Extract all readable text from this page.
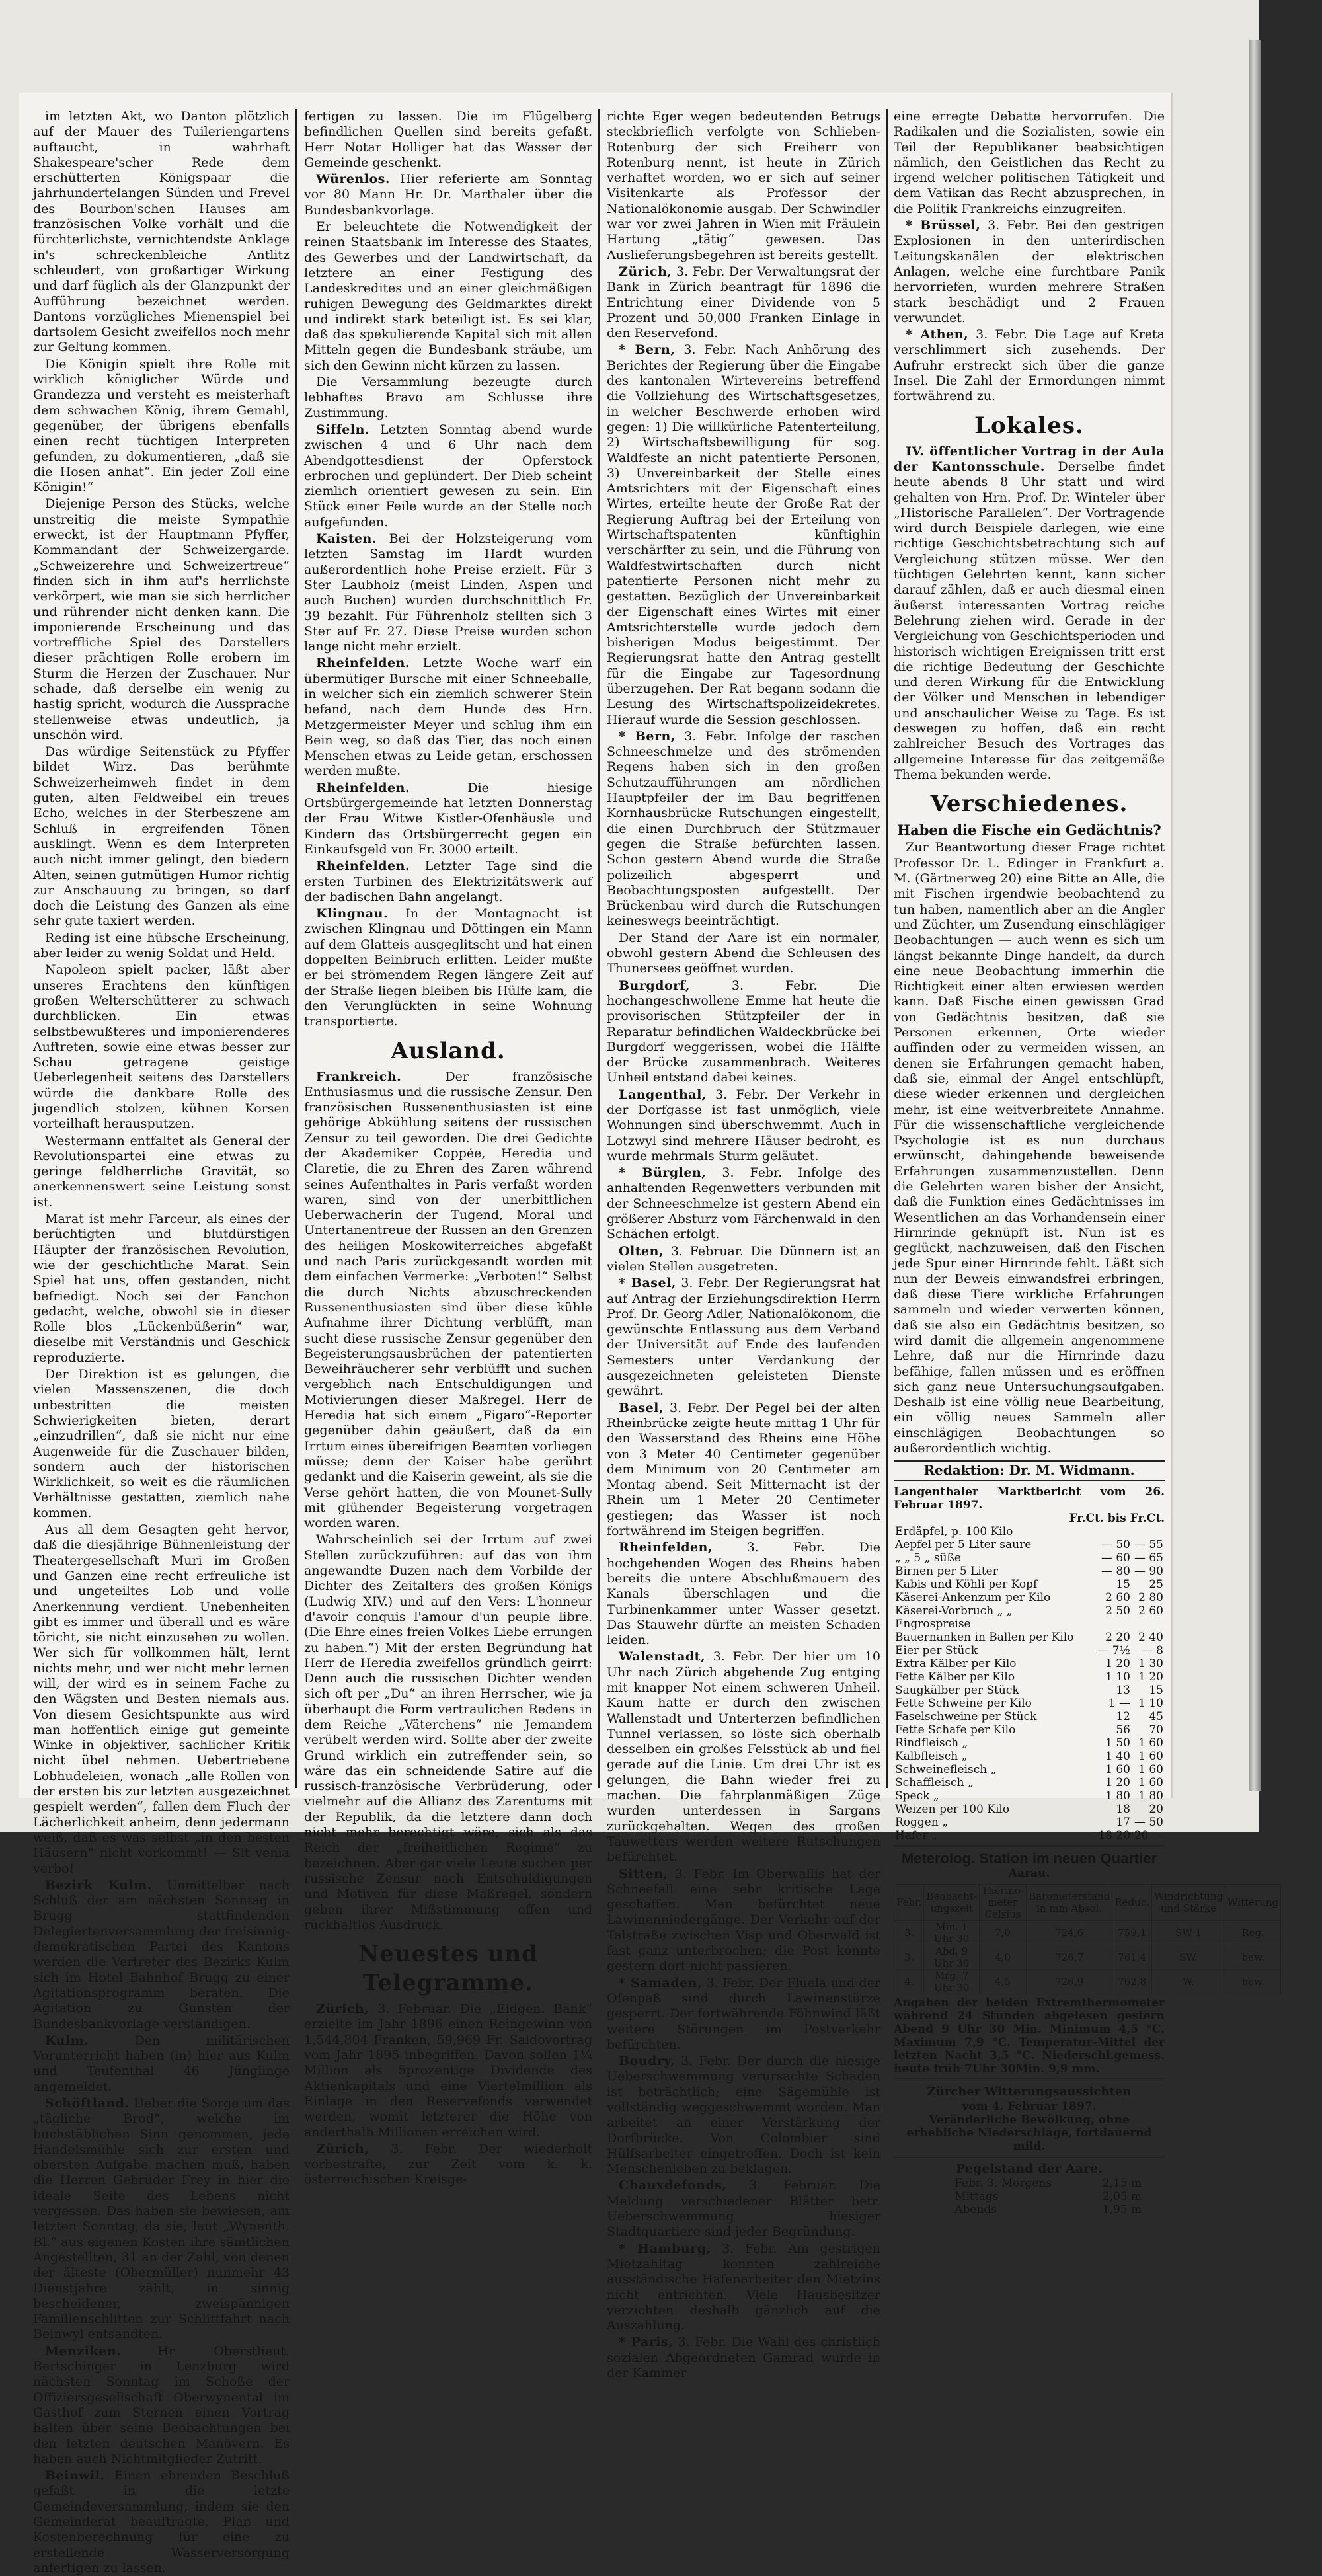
im letzten Akt, wo Danton plötzlich auf der Mauer des Tuileriengartens auftaucht, in wahrhaft Shakespeare'scher Rede dem erschütterten Königspaar die jahrhundertelangen Sünden und Frevel des Bourbon'schen Hauses am französischen Volke vorhält und die fürchterlichste, vernichtendste Anklage in's schreckenbleiche Antlitz schleudert, von großartiger Wirkung und darf füglich als der Glanzpunkt der Aufführung bezeichnet werden. Dantons vorzügliches Mienenspiel bei dartsolem Gesicht zweifellos noch mehr zur Geltung kommen.

Die Königin spielt ihre Rolle mit wirklich königlicher Würde und Grandezza und versteht es meisterhaft dem schwachen König, ihrem Gemahl, gegenüber, der übrigens ebenfalls einen recht tüchtigen Interpreten gefunden, zu dokumentieren, „daß sie die Hosen anhat“. Ein jeder Zoll eine Königin!“

Diejenige Person des Stücks, welche unstreitig die meiste Sympathie erweckt, ist der Hauptmann Pfyffer, Kommandant der Schweizergarde. „Schweizerehre und Schweizertreue“ finden sich in ihm auf's herrlichste verkörpert, wie man sie sich herrlicher und rührender nicht denken kann. Die imponierende Erscheinung und das vortreffliche Spiel des Darstellers dieser prächtigen Rolle erobern im Sturm die Herzen der Zuschauer. Nur schade, daß derselbe ein wenig zu hastig spricht, wodurch die Aussprache stellenweise etwas undeutlich, ja unschön wird.

Das würdige Seitenstück zu Pfyffer bildet Wirz. Das berühmte Schweizerheimweh findet in dem guten, alten Feldweibel ein treues Echo, welches in der Sterbeszene am Schluß in ergreifenden Tönen ausklingt. Wenn es dem Interpreten auch nicht immer gelingt, den biedern Alten, seinen gutmütigen Humor richtig zur Anschauung zu bringen, so darf doch die Leistung des Ganzen als eine sehr gute taxiert werden.

Reding ist eine hübsche Erscheinung, aber leider zu wenig Soldat und Held.

Napoleon spielt packer, läßt aber unseres Erachtens den künftigen großen Welterschütterer zu schwach durchblicken. Ein etwas selbstbewußteres und imponierenderes Auftreten, sowie eine etwas besser zur Schau getragene geistige Ueberlegenheit seitens des Darstellers würde die dankbare Rolle des jugendlich stolzen, kühnen Korsen vorteilhaft herausputzen.

Westermann entfaltet als General der Revolutionspartei eine etwas zu geringe feldherrliche Gravität, so anerkennenswert seine Leistung sonst ist.

Marat ist mehr Farceur, als eines der berüchtigten und blutdürstigen Häupter der französischen Revolution, wie der geschichtliche Marat. Sein Spiel hat uns, offen gestanden, nicht befriedigt. Noch sei der Fanchon gedacht, welche, obwohl sie in dieser Rolle blos „Lückenbüßerin“ war, dieselbe mit Verständnis und Geschick reproduzierte.

Der Direktion ist es gelungen, die vielen Massenszenen, die doch unbestritten die meisten Schwierigkeiten bieten, derart „einzudrillen“, daß sie nicht nur eine Augenweide für die Zuschauer bilden, sondern auch der historischen Wirklichkeit, so weit es die räumlichen Verhältnisse gestatten, ziemlich nahe kommen.

Aus all dem Gesagten geht hervor, daß die diesjährige Bühnenleistung der Theatergesellschaft Muri im Großen und Ganzen eine recht erfreuliche ist und ungeteiltes Lob und volle Anerkennung verdient. Unebenheiten gibt es immer und überall und es wäre töricht, sie nicht einzusehen zu wollen. Wer sich für vollkommen hält, lernt nichts mehr, und wer nicht mehr lernen will, der wird es in seinem Fache zu den Wägsten und Besten niemals aus. Von diesem Gesichtspunkte aus wird man hoffentlich einige gut gemeinte Winke in objektiver, sachlicher Kritik nicht übel nehmen. Uebertriebene Lobhudeleien, wonach „alle Rollen von der ersten bis zur letzten ausgezeichnet gespielt werden“, fallen dem Fluch der Lächerlichkeit anheim, denn jedermann weiß, daß es was selbst „in den besten Häusern“ nicht vorkommt! — Sit venia verbo!

Bezirk Kulm. Unmittelbar nach Schluß der am nächsten Sonntag in Brugg stattfindenden Delegiertenversammlung der freisinnig-demokratischen Partei des Kantons werden die Vertreter des Bezirks Kulm sich im Hotel Bahnhof Brugg zu einer Agitationsprogramm beraten. Die Agitation zu Gunsten der Bundesbankvorlage verständigen.

Kulm.	Den militärischen Vorunterricht haben (in) hier aus Kulm und Teufenthal 46 Jünglinge angemeldet.

Schöftland. Ueber die Sorge um das „tägliche Brod“, welche im buchstäblichen Sinn genommen, jede Handelsmühle sich zur ersten und obersten Aufgabe machen muß, haben die Herren Gebrüder Frey in hier die ideale Seite des Lebens nicht vergessen. Das haben sie bewiesen, am letzten Sonntag, da sie, laut „Wynenth. Bl.“ aus eigenen Kosten ihre sämtlichen Angestellten, 31 an der Zahl, von denen der älteste (Obermüller) nunmehr 43 Dienstjahre zählt, in sinnig bescheidener, zweispännigen Familienschlitten zur Schlittfahrt nach Beinwyl entsandten.

Menziken.	Hr. Oberstlieut. Bertschinger in Lenzburg wird nächsten Sonntag im Schoße der Offiziersgesellschaft Oberwynental im Gasthof zum Sternen einen Vortrag halten über seine Beobachtungen bei den letzten deutschen Manövern. Es haben auch Nichtmitglieder Zutritt.

Beinwil. Einen ehrenden Beschluß gefaßt in die letzte Gemeindeversammlung, indem sie den Gemeinderat beauftragte, Plan und Kostenberechnung für eine zu erstellende Wasserversorgung anfertigen zu lassen.

fertigen zu lassen. Die im Flügelberg befindlichen Quellen sind bereits gefaßt. Herr Notar Holliger hat das Wasser der Gemeinde geschenkt.

Würenlos. Hier referierte am Sonntag vor 80 Mann Hr. Dr. Marthaler über die Bundesbankvorlage.

Er beleuchtete die Notwendigkeit der reinen Staatsbank im Interesse des Staates, des Gewerbes und der Landwirtschaft, da letztere an einer Festigung des Landeskredites und an einer gleichmäßigen ruhigen Bewegung des Geldmarktes direkt und indirekt stark beteiligt ist. Es sei klar, daß das spekulierende Kapital sich mit allen Mitteln gegen die Bundesbank sträube, um sich den Gewinn nicht kürzen zu lassen.

Die Versammlung bezeugte durch lebhaftes Bravo am Schlusse ihre Zustimmung.

Siffeln. Letzten Sonntag abend wurde zwischen 4 und 6 Uhr nach dem Abendgottesdienst der Opferstock erbrochen und geplündert. Der Dieb scheint ziemlich orientiert gewesen zu sein. Ein Stück einer Feile wurde an der Stelle noch aufgefunden.

Kaisten. Bei der Holzsteigerung vom letzten Samstag im Hardt wurden außerordentlich hohe Preise erzielt. Für 3 Ster Laubholz (meist Linden, Aspen und auch Buchen) wurden durchschnittlich Fr. 39 bezahlt. Für Führenholz stellten sich 3 Ster auf Fr. 27. Diese Preise wurden schon lange nicht mehr erzielt.

Rheinfelden. Letzte Woche warf ein übermütiger Bursche mit einer Schneeballe, in welcher sich ein ziemlich schwerer Stein befand, nach dem Hunde des Hrn. Metzgermeister Meyer und schlug ihm ein Bein weg, so daß das Tier, das noch einen Menschen etwas zu Leide getan, erschossen werden mußte.

Rheinfelden.	Die hiesige Ortsbürgergemeinde hat letzten Donnerstag der Frau Witwe Kistler-Ofenhäusle und Kindern das Ortsbürgerrecht gegen ein Einkaufsgeld von Fr. 3000 erteilt.

Rheinfelden. Letzter Tage sind die ersten Turbinen des Elektrizitätswerk auf der badischen Bahn angelangt.

Klingnau. In der Montagnacht ist zwischen Klingnau und Döttingen ein Mann auf dem Glatteis ausgeglitscht und hat einen doppelten Beinbruch erlitten. Leider mußte er bei strömendem Regen längere Zeit auf der Straße liegen bleiben bis Hülfe kam, die den Verunglückten in seine Wohnung transportierte.

Ausland.

Frankreich.	Der französische Enthusiasmus und die russische Zensur. Den französischen Russenenthusiasten ist eine gehörige Abkühlung seitens der russischen Zensur zu teil geworden. Die drei Gedichte der Akademiker Coppée, Heredia und Claretie, die zu Ehren des Zaren während seines Aufenthaltes in Paris verfaßt worden waren, sind von der unerbittlichen Ueberwacherin der Tugend, Moral und Untertanentreue der Russen an den Grenzen des heiligen Moskowiterreiches abgefaßt und nach Paris zurückgesandt worden mit dem einfachen Vermerke: „Verboten!“ Selbst die durch Nichts abzuschreckenden Russenenthusiasten sind über diese kühle Aufnahme ihrer Dichtung verblüfft, man sucht diese russische Zensur gegenüber den Begeisterungsausbrüchen der patentierten Beweihräucherer sehr verblüfft und suchen vergeblich nach Entschuldigungen und Motivierungen dieser Maßregel. Herr de Heredia hat sich einem „Figaro“-Reporter gegenüber dahin geäußert, daß da ein Irrtum eines übereifrigen Beamten vorliegen müsse; denn der Kaiser habe gerührt gedankt und die Kaiserin geweint, als sie die Verse gehört hatten, die von Mounet-Sully mit glühender Begeisterung vorgetragen worden waren.

Wahrscheinlich sei der Irrtum auf zwei Stellen zurückzuführen: auf das von ihm angewandte Duzen nach dem Vorbilde der Dichter des Zeitalters des großen Königs (Ludwig XIV.) und auf den Vers: L'honneur d'avoir conquis l'amour d'un peuple libre. (Die Ehre eines freien Volkes Liebe errungen zu haben.“) Mit der ersten Begründung hat Herr de Heredia zweifellos gründlich geirrt: Denn auch die russischen Dichter wenden sich oft per „Du“ an ihren Herrscher, wie ja überhaupt die Form vertraulichen Redens in dem Reiche „Väterchens“ nie Jemandem verübelt werden wird. Sollte aber der zweite Grund wirklich ein zutreffender sein, so wäre das ein schneidende Satire auf die russisch-französische Verbrüderung, oder vielmehr auf die Allianz des Zarentums mit der Republik, da die letztere dann doch nicht mehr berechtigt wäre, sich als das Reich der „freiheitlichen Regime“ zu bezeichnen. Aber gar viele Leute suchen per russische Zensur nach Entschuldigungen und Motiven für diese Maßregel, sondern geben ihrer Mißstimmung offen und rückhaltlos Ausdruck.

Neuestes und Telegramme.

Zürich, 3. Februar. Die „Eidgen. Bank“ erzielte im Jahr 1896 einen Reingewinn von 1,544,804 Franken, 59,969 Fr. Saldovortrag vom Jahr 1895 inbegriffen. Davon sollen 1¼ Million als 5prozentige Dividende des Aktienkapitals und eine Viertelmillion als Einlage in den Reservefonds verwendet werden, womit letzterer die Höhe von anderthalb Millionen erreichen wird.

Zürich, 3. Febr. Der wiederholt vorbestrafte, zur Zeit vom k. k. österreichischen Kreisge-

richte Eger wegen bedeutenden Betrugs steckbrieflich verfolgte von Schlieben-Rotenburg der sich Freiherr von Rotenburg nennt, ist heute in Zürich verhaftet worden, wo er sich auf seiner Visitenkarte als Professor der Nationalökonomie ausgab. Der Schwindler war vor zwei Jahren in Wien mit Fräulein Hartung „tätig“ gewesen. Das Auslieferungsbegehren ist bereits gestellt.

Zürich, 3. Febr. Der Verwaltungsrat der Bank in Zürich beantragt für 1896 die Entrichtung einer Dividende von 5 Prozent und 50,000 Franken Einlage in den Reservefond.

* Bern, 3. Febr. Nach Anhörung des Berichtes der Regierung über die Eingabe des kantonalen Wirtevereins betreffend die Vollziehung des Wirtschaftsgesetzes, in welcher Beschwerde erhoben wird gegen: 1) Die willkürliche Patenterteilung, 2) Wirtschaftsbewilligung für sog. Waldfeste an nicht patentierte Personen, 3) Unvereinbarkeit der Stelle eines Amtsrichters mit der Eigenschaft eines Wirtes, erteilte heute der Große Rat der Regierung Auftrag bei der Erteilung von Wirtschaftspatenten künftighin verschärfter zu sein, und die Führung von Waldfestwirtschaften durch nicht patentierte Personen nicht mehr zu gestatten. Bezüglich der Unvereinbarkeit der Eigenschaft eines Wirtes mit einer Amtsrichterstelle wurde jedoch dem bisherigen Modus beigestimmt. Der Regierungsrat hatte den Antrag gestellt für die Eingabe zur Tagesordnung überzugehen. Der Rat begann sodann die Lesung des Wirtschaftspolizeidekretes. Hierauf wurde die Session geschlossen.

* Bern, 3. Febr. Infolge der raschen Schneeschmelze und des strömenden Regens haben sich in den großen Schutzaufführungen am nördlichen Hauptpfeiler der im Bau begriffenen Kornhausbrücke Rutschungen eingestellt, die einen Durchbruch der Stützmauer gegen die Straße befürchten lassen. Schon gestern Abend wurde die Straße polizeilich abgesperrt und Beobachtungsposten aufgestellt. Der Brückenbau wird durch die Rutschungen keineswegs beeinträchtigt.

Der Stand der Aare ist ein normaler, obwohl gestern Abend die Schleusen des Thunersees geöffnet wurden.

Burgdorf,	3. Febr. Die hochangeschwollene Emme hat heute die provisorischen Stützpfeiler der in Reparatur befindlichen Waldeckbrücke bei Burgdorf weggerissen, wobei die Hälfte der Brücke zusammenbrach. Weiteres Unheil entstand dabei keines.

Langenthal, 3. Febr. Der Verkehr in der Dorfgasse ist fast unmöglich, viele Wohnungen sind überschwemmt. Auch in Lotzwyl sind mehrere Häuser bedroht, es wurde mehrmals Sturm geläutet.

* Bürglen, 3. Febr. Infolge des anhaltenden Regenwetters verbunden mit der Schneeschmelze ist gestern Abend ein größerer Absturz vom Färchenwald in den Schächen erfolgt.

Olten, 3. Februar. Die Dünnern ist an vielen Stellen ausgetreten.

* Basel, 3. Febr. Der Regierungsrat hat auf Antrag der Erziehungsdirektion Herrn Prof. Dr. Georg Adler, Nationalökonom, die gewünschte Entlassung aus dem Verband der Universität auf Ende des laufenden Semesters unter Verdankung der ausgezeichneten geleisteten Dienste gewährt.

Basel, 3. Febr. Der Pegel bei der alten Rheinbrücke zeigte heute mittag 1 Uhr für den Wasserstand des Rheins eine Höhe von 3 Meter 40 Centimeter gegenüber dem Minimum von 20 Centimeter am Montag abend. Seit Mitternacht ist der Rhein um 1 Meter 20 Centimeter gestiegen; das Wasser ist noch fortwährend im Steigen begriffen.

Rheinfelden,	3. Febr. Die hochgehenden Wogen des Rheins haben bereits die untere Abschlußmauern des Kanals überschlagen und die Turbinenkammer unter Wasser gesetzt. Das Stauwehr dürfte an meisten Schaden leiden.

Walenstadt, 3. Febr. Der hier um 10 Uhr nach Zürich abgehende Zug entging mit knapper Not einem schweren Unheil. Kaum hatte er durch den zwischen Wallenstadt und Unterterzen befindlichen Tunnel verlassen, so löste sich oberhalb desselben ein großes Felsstück ab und fiel gerade auf die Linie. Um drei Uhr ist es gelungen, die Bahn wieder frei zu machen. Die fahrplanmäßigen Züge wurden unterdessen in Sargans zurückgehalten. Wegen des großen Tauwetters werden weitere Rutschungen befürchtet.

Sitten, 3. Febr. Im Oberwallis hat der Schneefall eine sehr kritische Lage geschaffen. Man befürchtet neue Lawinenniedergänge. Der Verkehr auf der Talstraße zwischen Visp und Oberwald ist fast ganz unterbrochen; die Post konnte gestern dort nicht passieren.

* Samaden, 3. Febr. Der Flüela und der Ofenpaß sind durch Lawinenstürze gesperrt. Der fortwährende Föhnwind läßt weitere Störungen im Postverkehr befürchten.

Boudry, 3. Febr. Der durch die hiesige Ueberschwemmung verursachte Schaden ist beträchtlich; eine Sägemühle ist vollständig weggeschwemmt worden. Man arbeitet an einer Verstärkung der Dorfbrücke. Von Colombier sind Hülfsarbeiter eingetroffen. Doch ist kein Menschenleben zu beklagen.

Chauxdefonds, 3. Februar. Die Meldung verschiedener Blätter betr. Ueberschwemmung hiesiger Stadtquartiere sind jeder Begründung.

* Hamburg, 3. Febr. Am gestrigen Mietzahltag konnten zahlreiche ausständische Hafenarbeiter den Mietzins nicht entrichten. Viele Hausbesitzer verzichten deshalb gänzlich auf die Auszahlung.

* Paris, 3. Febr. Die Wahl des christlich sozialen Abgeordneten Gamrad wurde in der Kammer

eine erregte Debatte hervorrufen. Die Radikalen und die Sozialisten, sowie ein Teil der Republikaner beabsichtigen nämlich, den Geistlichen das Recht zu irgend welcher politischen Tätigkeit und dem Vatikan das Recht abzusprechen, in die Politik Frankreichs einzugreifen.

* Brüssel, 3. Febr. Bei den gestrigen Explosionen in den unterirdischen Leitungskanälen der elektrischen Anlagen, welche eine furchtbare Panik hervorriefen, wurden mehrere Straßen stark beschädigt und 2 Frauen verwundet.

* Athen, 3. Febr. Die Lage auf Kreta verschlimmert sich zusehends. Der Aufruhr erstreckt sich über die ganze Insel. Die Zahl der Ermordungen nimmt fortwährend zu.

Lokales.

IV. öffentlicher Vortrag in der Aula der Kantonsschule. Derselbe findet heute abends 8 Uhr statt und wird gehalten von Hrn. Prof. Dr. Winteler über „Historische Parallelen“. Der Vortragende wird durch Beispiele darlegen, wie eine richtige Geschichtsbetrachtung sich auf Vergleichung stützen müsse. Wer den tüchtigen Gelehrten kennt, kann sicher darauf zählen, daß er auch diesmal einen äußerst interessanten Vortrag reiche Belehrung ziehen wird. Gerade in der Vergleichung von Geschichtsperioden und historisch wichtigen Ereignissen tritt erst die richtige Bedeutung der Geschichte und deren Wirkung für die Entwicklung der Völker und Menschen in lebendiger und anschaulicher Weise zu Tage. Es ist deswegen zu hoffen, daß ein recht zahlreicher Besuch des Vortrages das allgemeine Interesse für das zeitgemäße Thema bekunden werde.

Verschiedenes.
Haben die Fische ein Gedächtnis?

Zur Beantwortung dieser Frage richtet Professor Dr. L. Edinger in Frankfurt a. M. (Gärtnerweg 20) eine Bitte an Alle, die mit Fischen irgendwie beobachtend zu tun haben, namentlich aber an die Angler und Züchter, um Zusendung einschlägiger Beobachtungen — auch wenn es sich um längst bekannte Dinge handelt, da durch eine neue Beobachtung immerhin die Richtigkeit einer alten erwiesen werden kann. Daß Fische einen gewissen Grad von Gedächtnis besitzen, daß sie Personen erkennen, Orte wieder auffinden oder zu vermeiden wissen, an denen sie Erfahrungen gemacht haben, daß sie, einmal der Angel entschlüpft, diese wieder erkennen und dergleichen mehr, ist eine weitverbreitete Annahme. Für die wissenschaftliche vergleichende Psychologie ist es nun durchaus erwünscht, dahingehende beweisende Erfahrungen zusammenzustellen. Denn die Gelehrten waren bisher der Ansicht, daß die Funktion eines Gedächtnisses im Wesentlichen an das Vorhandensein einer Hirnrinde geknüpft ist. Nun ist es geglückt, nachzuweisen, daß den Fischen jede Spur einer Hirnrinde fehlt. Läßt sich nun der Beweis einwandsfrei erbringen, daß diese Tiere wirkliche Erfahrungen sammeln und wieder verwerten können, daß sie also ein Gedächtnis besitzen, so wird damit die allgemein angenommene Lehre, daß nur die Hirnrinde dazu befähige, fallen müssen und es eröffnen sich ganz neue Untersuchungsaufgaben. Deshalb ist eine völlig neue Bearbeitung, ein völlig neues Sammeln aller einschlägigen Beobachtungen so außerordentlich wichtig.

Redaktion: Dr. M. Widmann.
Langenthaler Marktbericht vom 26. Februar 1897.
Fr.Ct. bis Fr.Ct.
Erdäpfel, p. 100 Kilo		
Aepfel per 5 Liter saure	— 50	— 55
„ „ 5 „ süße	— 60	— 65
Birnen per 5 Liter	— 80	— 90
Kabis und Köhli per Kopf	15	25
Käserei-Ankenzum per Kilo	2 60	2 80
Käserei-Vorbruch „ „	2 50	2 60
Engrospreise		
Bauernanken in Ballen per Kilo	2 20	2 40
Eier per Stück	— 7½	— 8
Extra Kälber per Kilo	1 20	1 30
Fette Kälber per Kilo	1 10	1 20
Saugkälber per Stück	13	15
Fette Schweine per Kilo	1 —	1 10
Faselschweine per Stück	12	45
Fette Schafe per Kilo	56	70
Rindfleisch „	1 50	1 60
Kalbfleisch „	1 40	1 60
Schweinefleisch „	1 60	1 60
Schaffleisch „	1 20	1 60
Speck „	1 80	1 80
Weizen per 100 Kilo	18	20
Roggen „	17	— 50
Hafer „	18 20	20 —
Meterolog. Station im neuen Quartier
Aarau.
Febr.	Beobacht-ungszeit	Thermo-meter Celsius	Barometerstand in mm Absol.	Reduc.	Windrichtung und Stärke	Witterung
3.	Min. 1 Uhr 30	7,0	724,6	759,1	SW 1	Reg.
3.	Abd. 9 Uhr 30	4,0	726,7	761,4	SW.	bew.
4.	Mrg. 7 Uhr 30	4,5	726,9	762,8	W.	bew.
Angaben der beiden Extremthermometer während 24 Stunden abgelesen gestern Abend 9 Uhr 30 Min. Minimum 4,5 °C. Maximum 7,9 °C. Temperatur-Mittel der letzten Nacht 3,5 °C. Niederschl.gemess. heute früh 7Uhr 30Min. 9,9 mm.
Zürcher Witterungsaussichten
vom 4. Februar 1897.
Veränderliche Bewölkung, ohne erhebliche Niederschläge, fortdauernd mild.
Pegelstand der Aare.
Febr. 3. Morgens	2,15 m
Mittags	2,05 m
Abends	1,95 m
